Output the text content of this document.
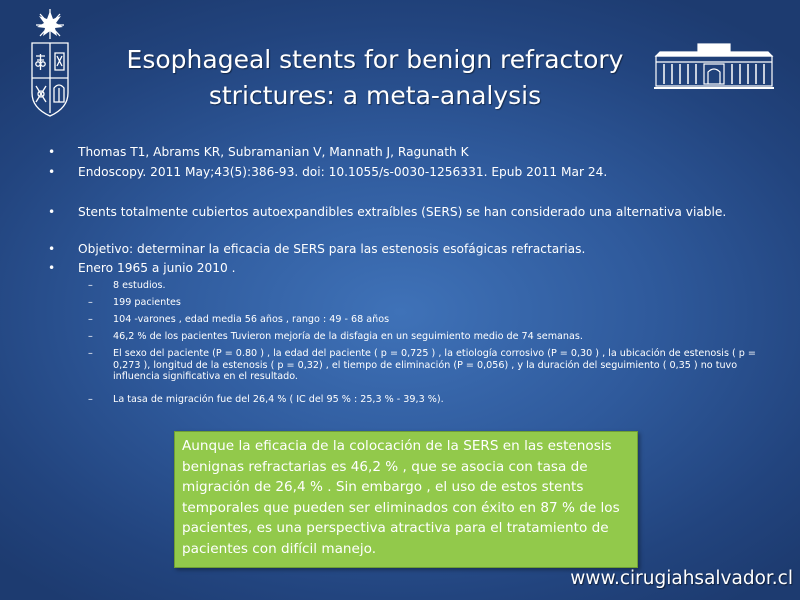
Esophageal stents for benign refractory
strictures: a meta-analysis
• Thomas T1, Abrams KR, Subramanian V, Mannath J, Ragunath K
• Endoscopy. 2011 May;43(5):386-93. doi: 10.1055/s-0030-1256331. Epub 2011 Mar 24.
• Stents totalmente cubiertos autoexpandibles extraíbles (SERS) se han considerado una alternativa viable.
• Objetivo: determinar la eficacia de SERS para las estenosis esofágicas refractarias.
• Enero 1965 a junio 2010 .
– 8 estudios.
– 199 pacientes
– 104 -varones , edad media 56 años , rango : 49 - 68 años
– 46,2 % de los pacientes Tuvieron mejoría de la disfagia en un seguimiento medio de 74 semanas.
– El sexo del paciente (P = 0.80 ) , la edad del paciente ( p = 0,725 ) , la etiología corrosivo (P = 0,30 ) , la ubicación de estenosis ( p = 0,273 ), longitud de la estenosis ( p = 0,32) , el tiempo de eliminación (P = 0,056) , y la duración del seguimiento ( 0,35 ) no tuvo influencia significativa en el resultado.
– La tasa de migración fue del 26,4 % ( IC del 95 % : 25,3 % - 39,3 %).
Aunque la eficacia de la colocación de la SERS en las estenosis benignas refractarias es 46,2 % , que se asocia con tasa de migración de 26,4 % . Sin embargo , el uso de estos stents temporales que pueden ser eliminados con éxito en 87 % de los pacientes, es una perspectiva atractiva para el tratamiento de pacientes con difícil manejo.
www.cirugiahsalvador.cl
